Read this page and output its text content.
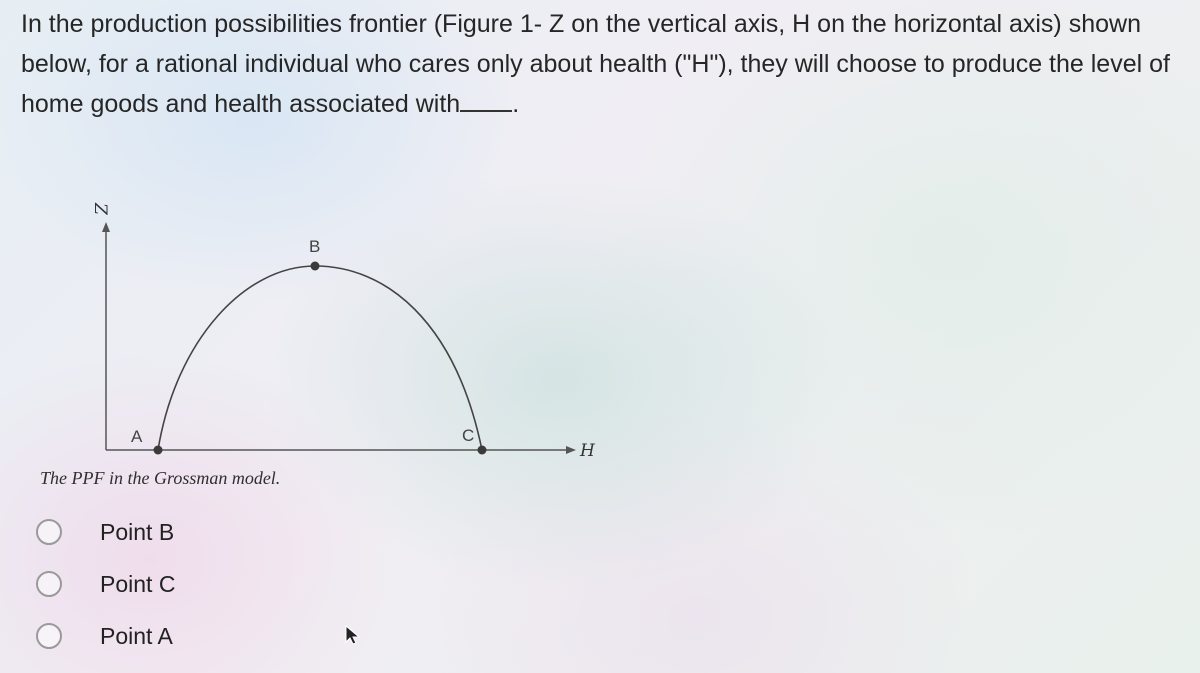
In the production possibilities frontier (Figure 1- Z on the vertical axis, H on the horizontal axis) shown below, for a rational individual who cares only about health ("H"), they will choose to produce the level of home goods and health associated with .

Z
H
A
B
C

The PPF in the Grossman model.

Point B
Point C
Point A
